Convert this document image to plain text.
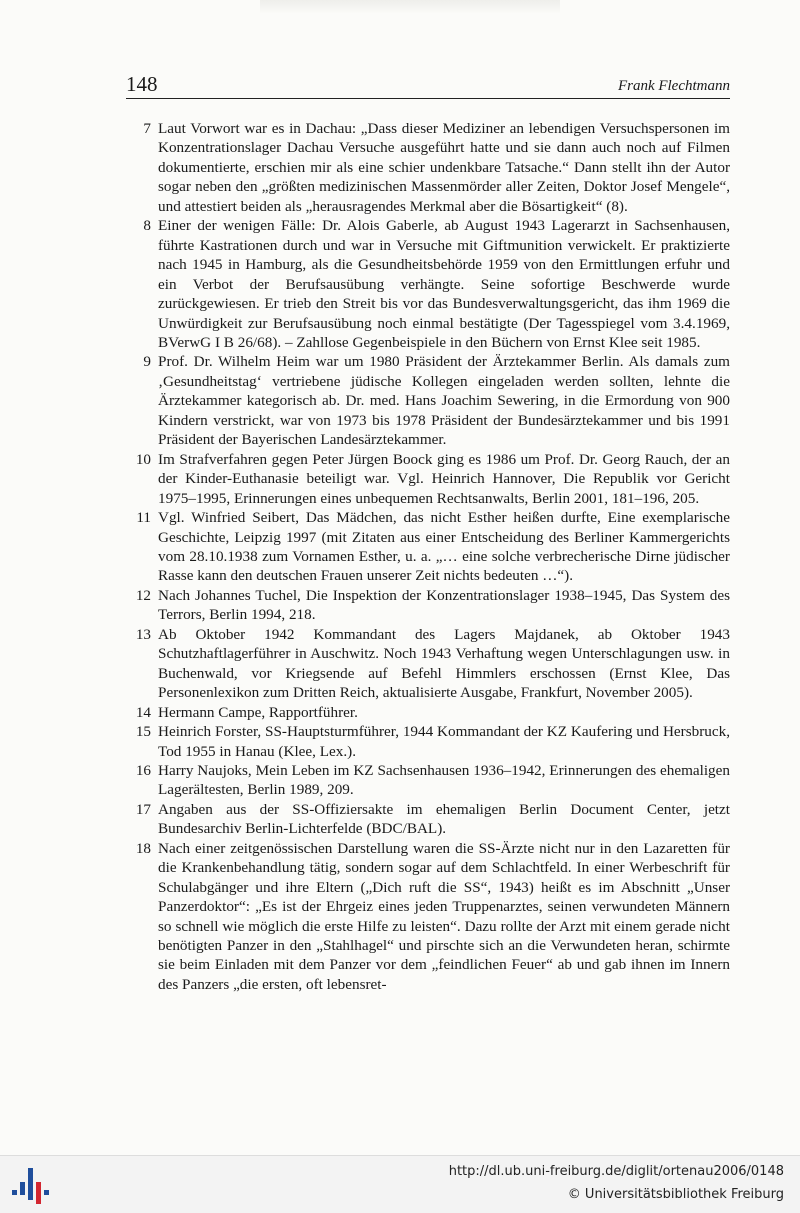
148	Frank Flechtmann
7 Laut Vorwort war es in Dachau: „Dass dieser Mediziner an lebendigen Versuchspersonen im Konzentrationslager Dachau Versuche ausgeführt hatte und sie dann auch noch auf Filmen dokumentierte, erschien mir als eine schier undenkbare Tatsache.“ Dann stellt ihn der Autor sogar neben den „größten medizinischen Massenmörder aller Zeiten, Doktor Josef Mengele“, und attestiert beiden als „herausragendes Merkmal aber die Bösartigkeit“ (8).
8 Einer der wenigen Fälle: Dr. Alois Gaberle, ab August 1943 Lagerarzt in Sachsenhausen, führte Kastrationen durch und war in Versuche mit Giftmunition verwickelt. Er praktizierte nach 1945 in Hamburg, als die Gesundheitsbehörde 1959 von den Ermittlungen erfuhr und ein Verbot der Berufsausübung verhängte. Seine sofortige Beschwerde wurde zurückgewiesen. Er trieb den Streit bis vor das Bundesverwaltungsgericht, das ihm 1969 die Unwürdigkeit zur Berufsausübung noch einmal bestätigte (Der Tagesspiegel vom 3.4.1969, BVerwG I B 26/68). – Zahllose Gegenbeispiele in den Büchern von Ernst Klee seit 1985.
9 Prof. Dr. Wilhelm Heim war um 1980 Präsident der Ärztekammer Berlin. Als damals zum ‚Gesundheitstag‘ vertriebene jüdische Kollegen eingeladen werden sollten, lehnte die Ärztekammer kategorisch ab. Dr. med. Hans Joachim Sewering, in die Ermordung von 900 Kindern verstrickt, war von 1973 bis 1978 Präsident der Bundesärztekammer und bis 1991 Präsident der Bayerischen Landesärztekammer.
10 Im Strafverfahren gegen Peter Jürgen Boock ging es 1986 um Prof. Dr. Georg Rauch, der an der Kinder-Euthanasie beteiligt war. Vgl. Heinrich Hannover, Die Republik vor Gericht 1975–1995, Erinnerungen eines unbequemen Rechtsanwalts, Berlin 2001, 181–196, 205.
11 Vgl. Winfried Seibert, Das Mädchen, das nicht Esther heißen durfte, Eine exemplarische Geschichte, Leipzig 1997 (mit Zitaten aus einer Entscheidung des Berliner Kammergerichts vom 28.10.1938 zum Vornamen Esther, u. a. „… eine solche verbrecherische Dirne jüdischer Rasse kann den deutschen Frauen unserer Zeit nichts bedeuten …“).
12 Nach Johannes Tuchel, Die Inspektion der Konzentrationslager 1938–1945, Das System des Terrors, Berlin 1994, 218.
13 Ab Oktober 1942 Kommandant des Lagers Majdanek, ab Oktober 1943 Schutzhaftlagerführer in Auschwitz. Noch 1943 Verhaftung wegen Unterschlagungen usw. in Buchenwald, vor Kriegsende auf Befehl Himmlers erschossen (Ernst Klee, Das Personenlexikon zum Dritten Reich, aktualisierte Ausgabe, Frankfurt, November 2005).
14 Hermann Campe, Rapportführer.
15 Heinrich Forster, SS-Hauptsturmführer, 1944 Kommandant der KZ Kaufering und Hersbruck, Tod 1955 in Hanau (Klee, Lex.).
16 Harry Naujoks, Mein Leben im KZ Sachsenhausen 1936–1942, Erinnerungen des ehemaligen Lagerältesten, Berlin 1989, 209.
17 Angaben aus der SS-Offiziersakte im ehemaligen Berlin Document Center, jetzt Bundesarchiv Berlin-Lichterfelde (BDC/BAL).
18 Nach einer zeitgenössischen Darstellung waren die SS-Ärzte nicht nur in den Lazaretten für die Krankenbehandlung tätig, sondern sogar auf dem Schlachtfeld. In einer Werbeschrift für Schulabgänger und ihre Eltern („Dich ruft die SS“, 1943) heißt es im Abschnitt „Unser Panzerdoktor“: „Es ist der Ehrgeiz eines jeden Truppenarztes, seinen verwundeten Männern so schnell wie möglich die erste Hilfe zu leisten“. Dazu rollte der Arzt mit einem gerade nicht benötigten Panzer in den „Stahlhagel“ und pirschte sich an die Verwundeten heran, schirmte sie beim Einladen mit dem Panzer vor dem „feindlichen Feuer“ ab und gab ihnen im Innern des Panzers „die ersten, oft lebensret-
http://dl.ub.uni-freiburg.de/diglit/ortenau2006/0148
© Universitätsbibliothek Freiburg
